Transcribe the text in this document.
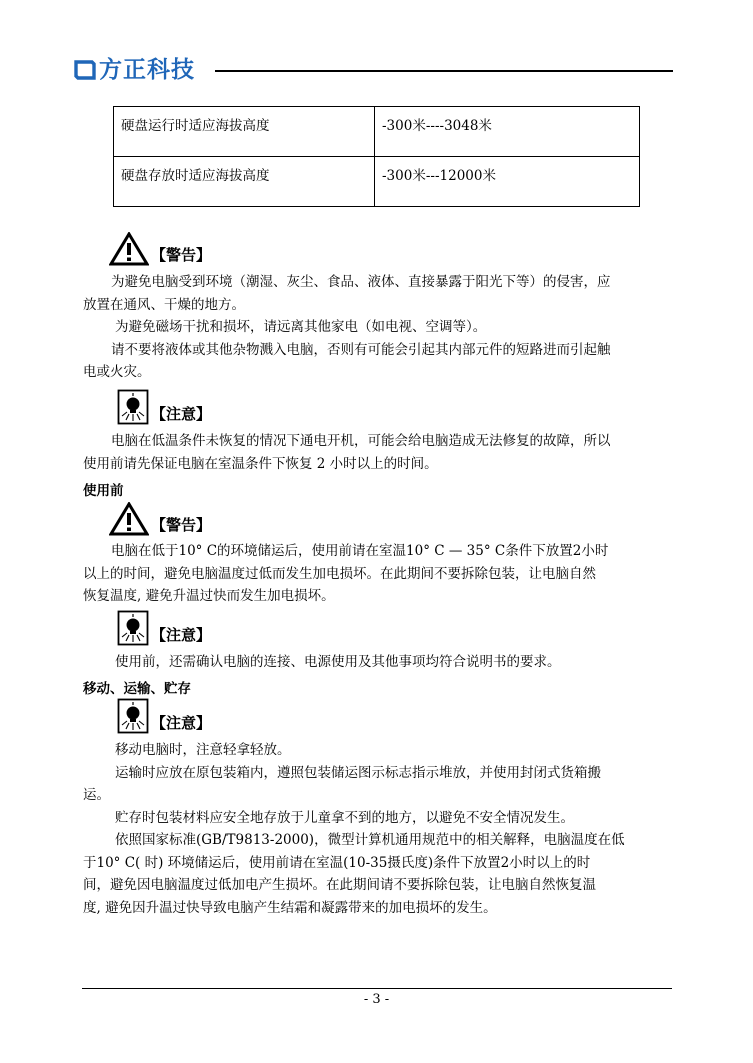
方正科技
硬盘运行时适应海拔高度	-300米----3048米
硬盘存放时适应海拔高度	-300米---12000米
【警告】

为避免电脑受到环境（潮湿、灰尘、食品、液体、直接暴露于阳光下等）的侵害，应

放置在通风、干燥的地方。

为避免磁场干扰和损坏，请远离其他家电（如电视、空调等）。

请不要将液体或其他杂物溅入电脑，否则有可能会引起其内部元件的短路进而引起触

电或火灾。

【注意】

电脑在低温条件未恢复的情况下通电开机，可能会给电脑造成无法修复的故障，所以

使用前请先保证电脑在室温条件下恢复 2 小时以上的时间。

使用前
【警告】

电脑在低于10° C的环境储运后，使用前请在室温10° C — 35° C条件下放置2小时

以上的时间，避免电脑温度过低而发生加电损坏。在此期间不要拆除包装，让电脑自然

恢复温度, 避免升温过快而发生加电损坏。

【注意】

使用前，还需确认电脑的连接、电源使用及其他事项均符合说明书的要求。

移动、运输、贮存
【注意】

移动电脑时，注意轻拿轻放。

运输时应放在原包装箱内，遵照包装储运图示标志指示堆放，并使用封闭式货箱搬

运。

贮存时包装材料应安全地存放于儿童拿不到的地方，以避免不安全情况发生。

依照国家标准(GB/T9813-2000)，微型计算机通用规范中的相关解释，电脑温度在低

于10° C( 时) 环境储运后，使用前请在室温(10-35摄氏度)条件下放置2小时以上的时

间，避免因电脑温度过低加电产生损坏。在此期间请不要拆除包装，让电脑自然恢复温

度, 避免因升温过快导致电脑产生结霜和凝露带来的加电损坏的发生。

- 3 -
